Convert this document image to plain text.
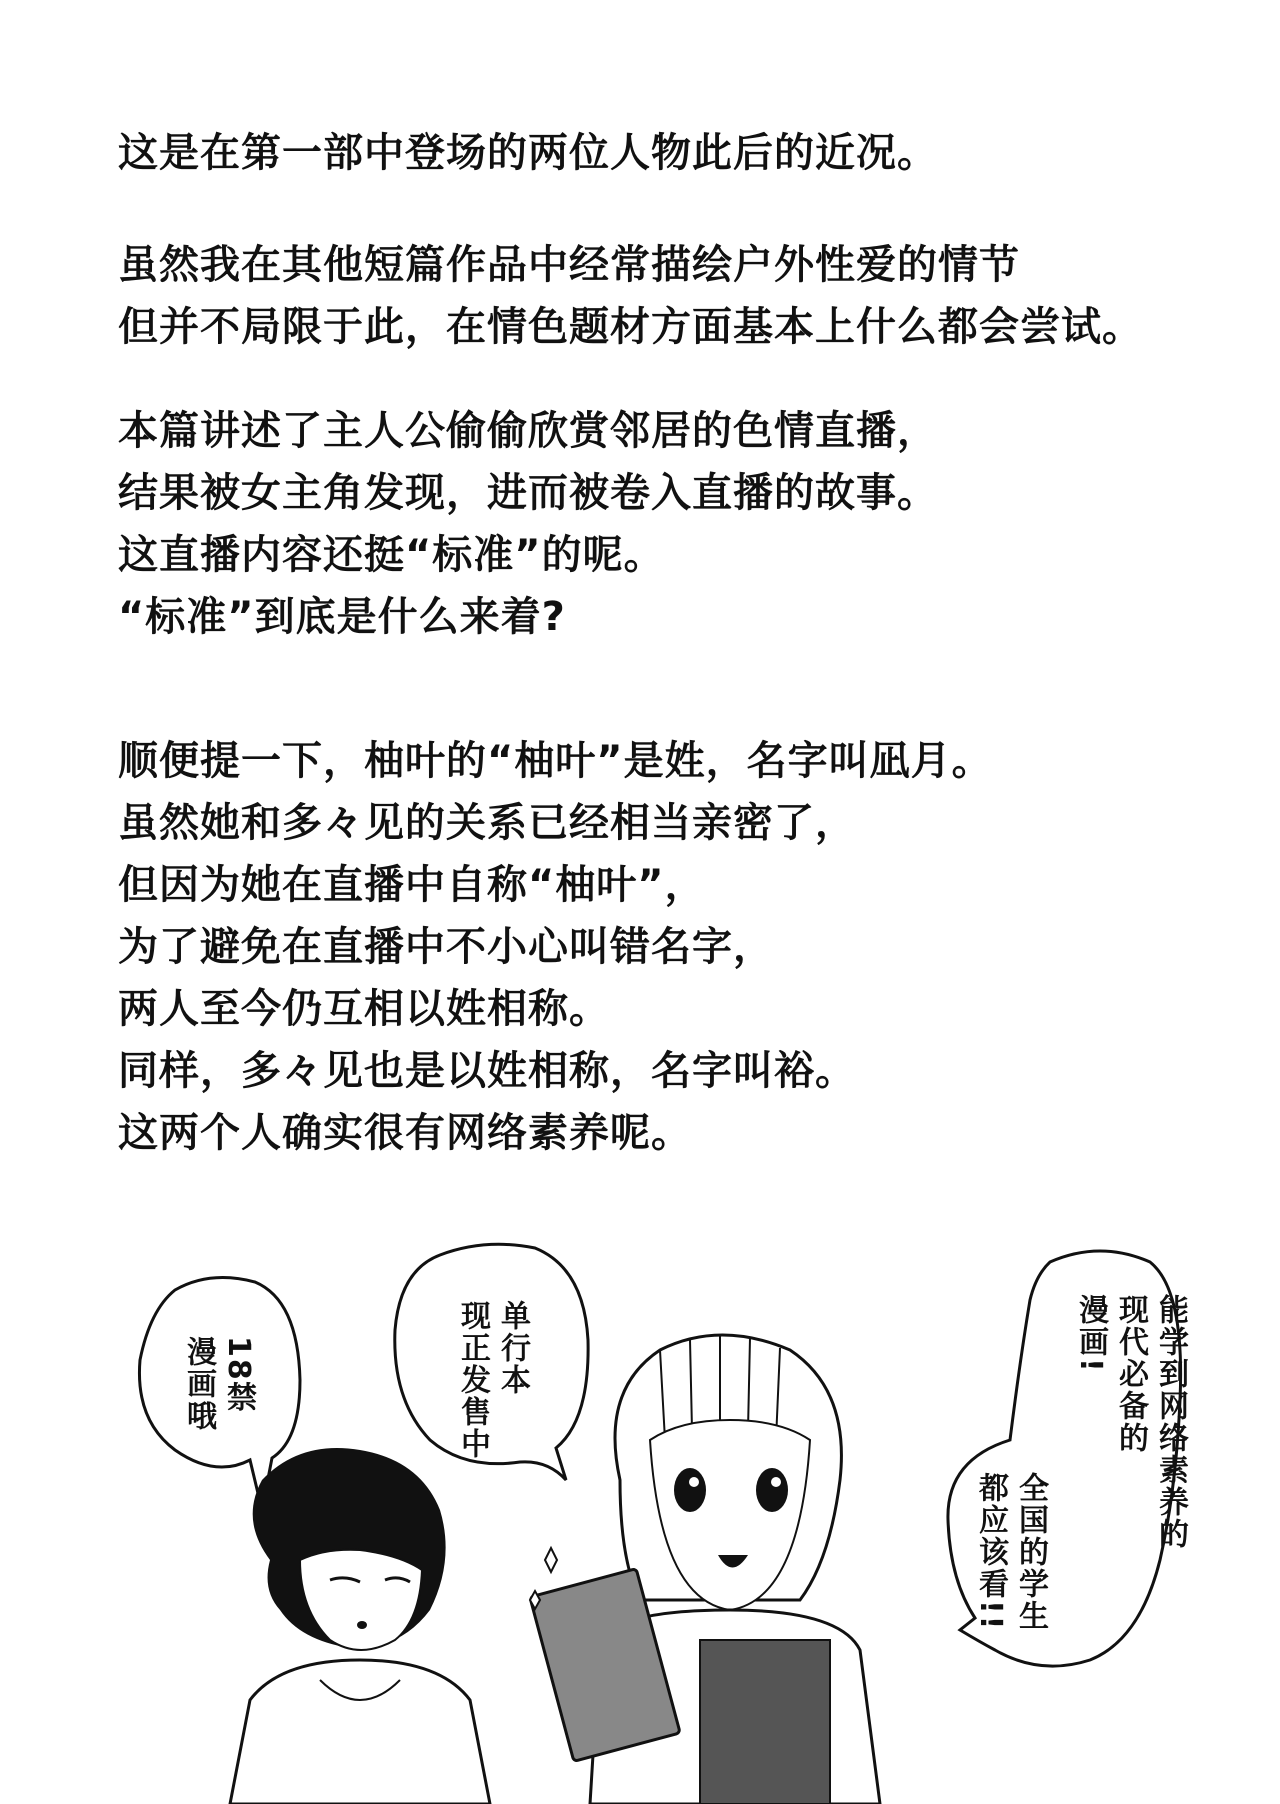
这是在第一部中登场的两位人物此后的近况。
虽然我在其他短篇作品中经常描绘户外性爱的情节
但并不局限于此，在情色题材方面基本上什么都会尝试。
本篇讲述了主人公偷偷欣赏邻居的色情直播，
结果被女主角发现，进而被卷入直播的故事。
这直播内容还挺“标准”的呢。
“标准”到底是什么来着?
顺便提一下，柚叶的“柚叶”是姓，名字叫凪月。
虽然她和多々见的关系已经相当亲密了，
但因为她在直播中自称“柚叶”，
为了避免在直播中不小心叫错名字，
两人至今仍互相以姓相称。
同样，多々见也是以姓相称，名字叫裕。
这两个人确实很有网络素养呢。
18禁
漫画哦	单行本
现正发售中	能学到网络素养的
现代必备的
漫画!
全国的学生
都应该看!!
